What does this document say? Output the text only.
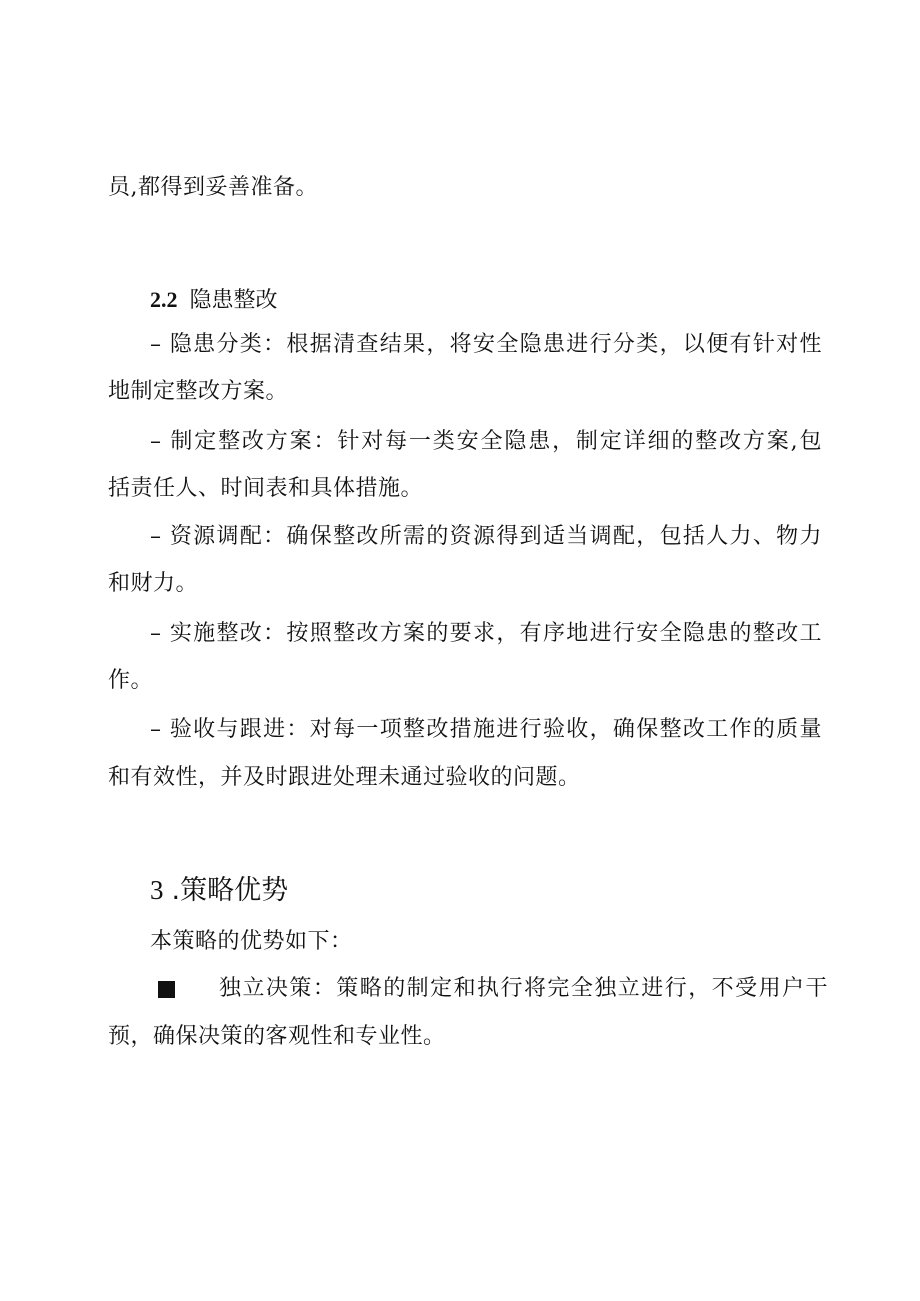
员,都得到妥善准备。
2.2 隐患整改
– 隐患分类：根据清查结果，将安全隐患进行分类，以便有针对性
地制定整改方案。
– 制定整改方案：针对每一类安全隐患，制定详细的整改方案,包
括责任人、时间表和具体措施。
– 资源调配：确保整改所需的资源得到适当调配，包括人力、物力
和财力。
– 实施整改：按照整改方案的要求，有序地进行安全隐患的整改工
作。
– 验收与跟进：对每一项整改措施进行验收，确保整改工作的质量
和有效性，并及时跟进处理未通过验收的问题。
3 .策略优势
本策略的优势如下：
独立决策：策略的制定和执行将完全独立进行，不受用户干
预，确保决策的客观性和专业性。
